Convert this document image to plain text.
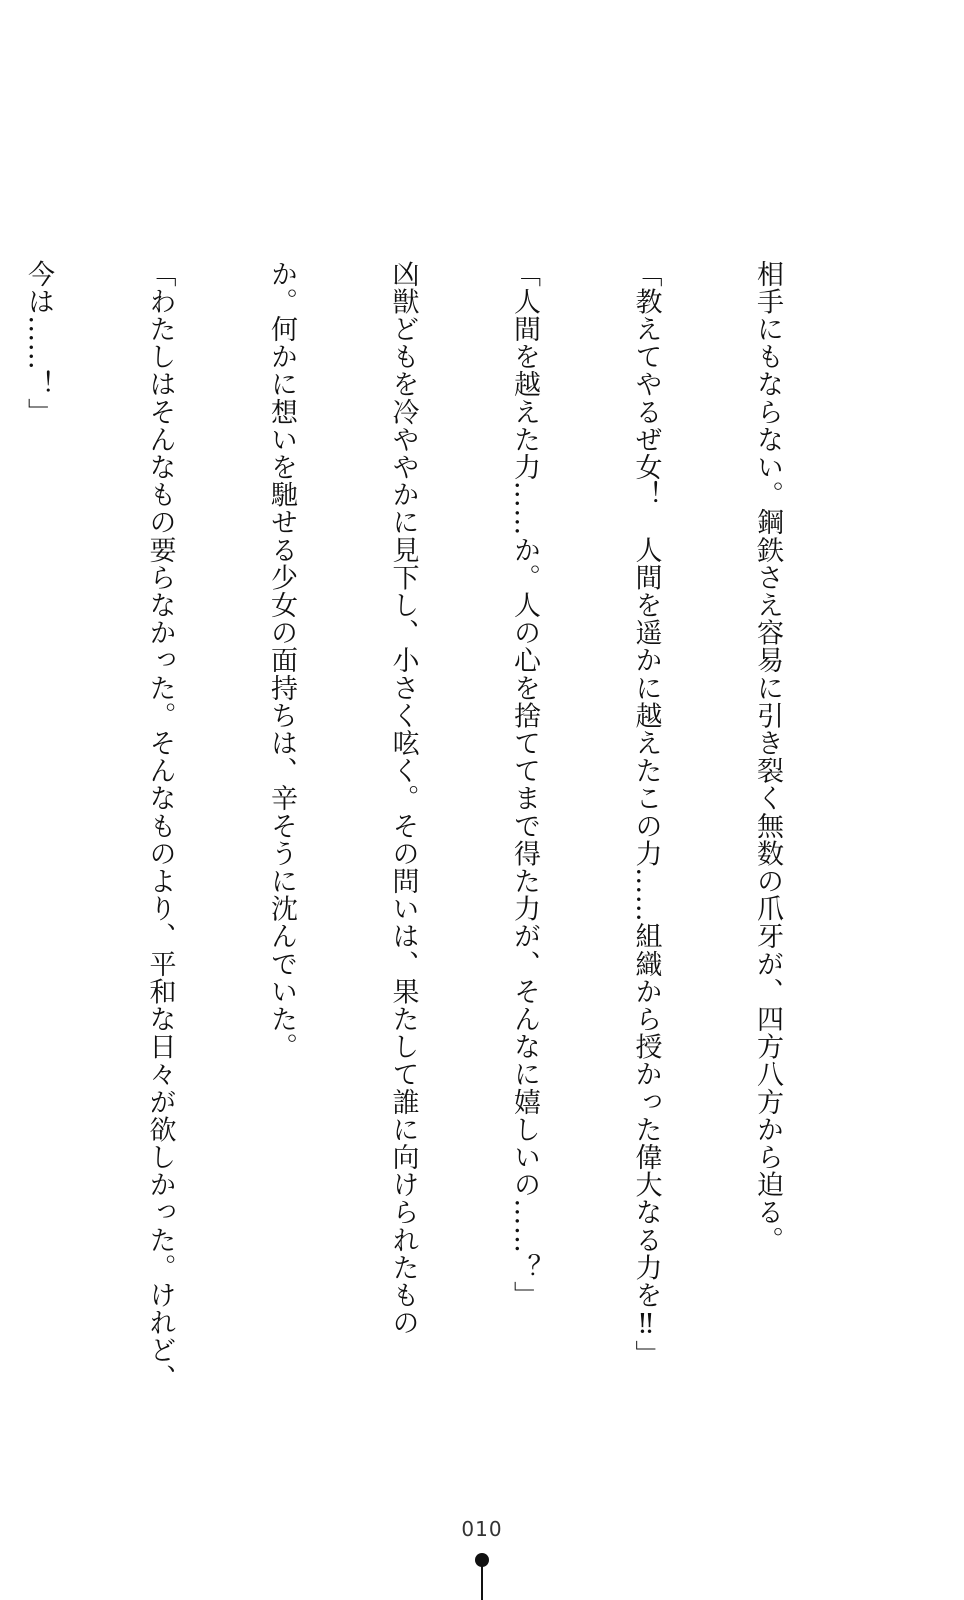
相手にもならない。鋼鉄さえ容易に引き裂く無数の爪牙が、四方八方から迫る。

「教えてやるぜ女！　人間を遥かに越えたこの力……組織から授かった偉大なる力を‼」

「人間を越えた力……か。人の心を捨ててまで得た力が、そんなに嬉しいの……？」

凶獣どもを冷ややかに見下し、小さく呟く。その問いは、果たして誰に向けられたもの

か。何かに想いを馳せる少女の面持ちは、辛そうに沈んでいた。

「わたしはそんなもの要らなかった。そんなものより、平和な日々が欲しかった。けれど、

今は……！」

010
